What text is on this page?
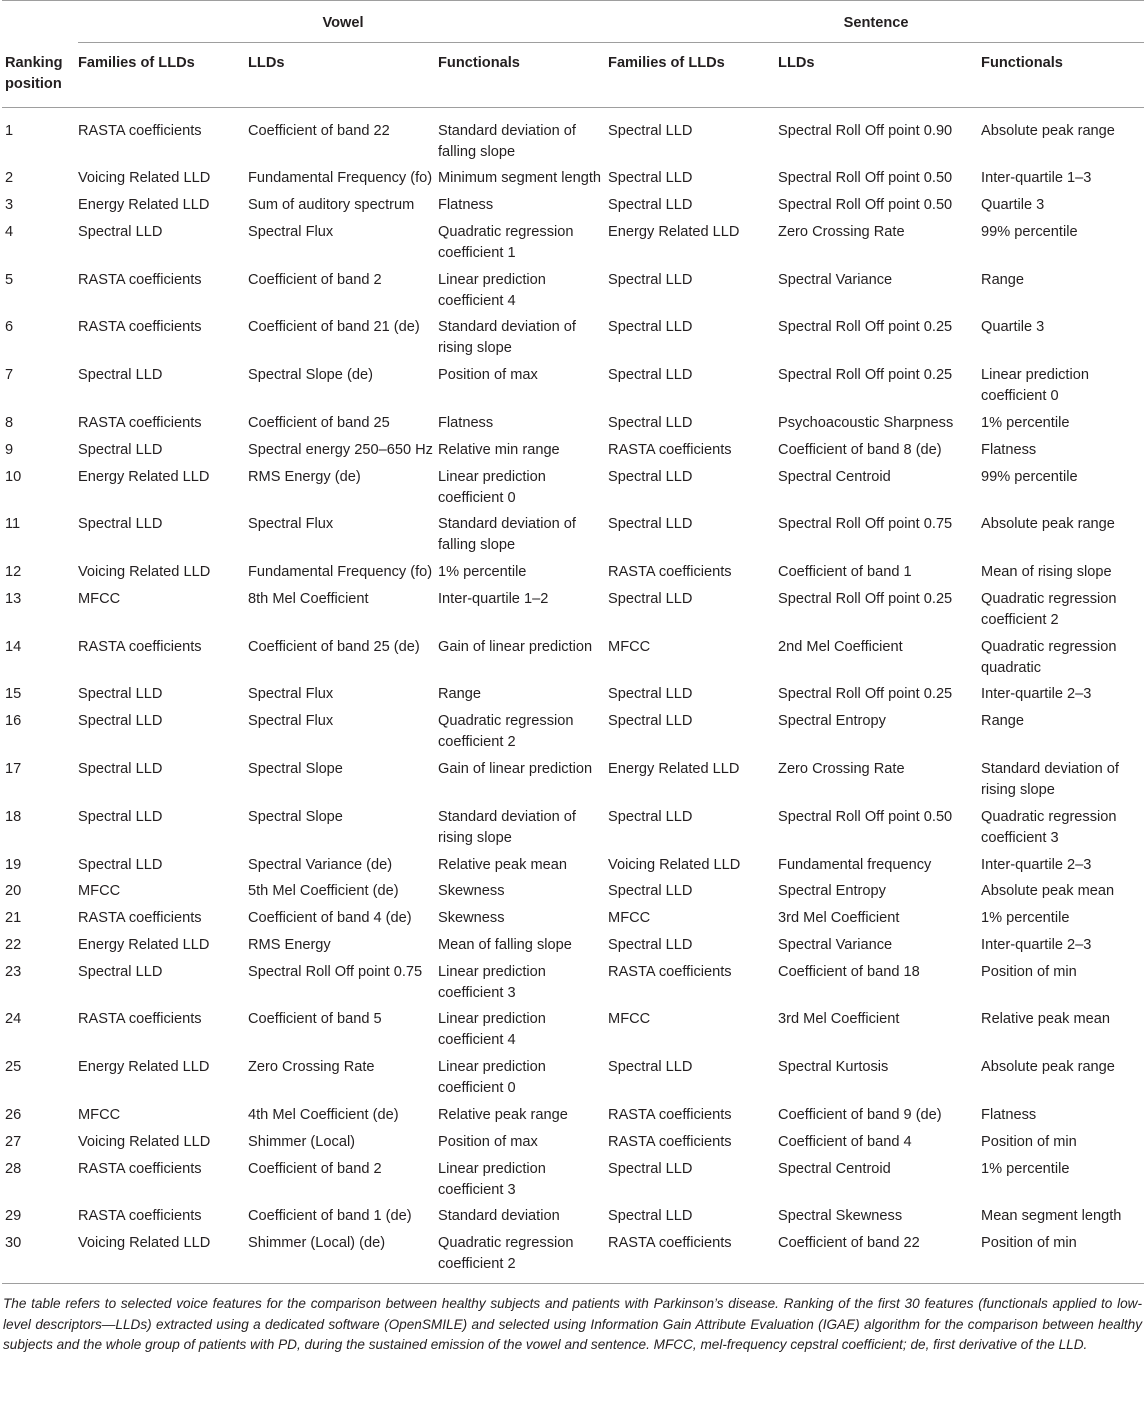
	Vowel			Sentence		
Ranking position	Families of LLDs	LLDs	Functionals	Families of LLDs	LLDs	Functionals
1	RASTA coefficients	Coefficient of band 22	Standard deviation of falling slope	Spectral LLD	Spectral Roll Off point 0.90	Absolute peak range
2	Voicing Related LLD	Fundamental Frequency (fo)	Minimum segment length	Spectral LLD	Spectral Roll Off point 0.50	Inter-quartile 1–3
3	Energy Related LLD	Sum of auditory spectrum	Flatness	Spectral LLD	Spectral Roll Off point 0.50	Quartile 3
4	Spectral LLD	Spectral Flux	Quadratic regression coefficient 1	Energy Related LLD	Zero Crossing Rate	99% percentile
5	RASTA coefficients	Coefficient of band 2	Linear prediction coefficient 4	Spectral LLD	Spectral Variance	Range
6	RASTA coefficients	Coefficient of band 21 (de)	Standard deviation of rising slope	Spectral LLD	Spectral Roll Off point 0.25	Quartile 3
7	Spectral LLD	Spectral Slope (de)	Position of max	Spectral LLD	Spectral Roll Off point 0.25	Linear prediction coefficient 0
8	RASTA coefficients	Coefficient of band 25	Flatness	Spectral LLD	Psychoacoustic Sharpness	1% percentile
9	Spectral LLD	Spectral energy 250–650 Hz	Relative min range	RASTA coefficients	Coefficient of band 8 (de)	Flatness
10	Energy Related LLD	RMS Energy (de)	Linear prediction coefficient 0	Spectral LLD	Spectral Centroid	99% percentile
11	Spectral LLD	Spectral Flux	Standard deviation of falling slope	Spectral LLD	Spectral Roll Off point 0.75	Absolute peak range
12	Voicing Related LLD	Fundamental Frequency (fo)	1% percentile	RASTA coefficients	Coefficient of band 1	Mean of rising slope
13	MFCC	8th Mel Coefficient	Inter-quartile 1–2	Spectral LLD	Spectral Roll Off point 0.25	Quadratic regression coefficient 2
14	RASTA coefficients	Coefficient of band 25 (de)	Gain of linear prediction	MFCC	2nd Mel Coefficient	Quadratic regression quadratic
15	Spectral LLD	Spectral Flux	Range	Spectral LLD	Spectral Roll Off point 0.25	Inter-quartile 2–3
16	Spectral LLD	Spectral Flux	Quadratic regression coefficient 2	Spectral LLD	Spectral Entropy	Range
17	Spectral LLD	Spectral Slope	Gain of linear prediction	Energy Related LLD	Zero Crossing Rate	Standard deviation of rising slope
18	Spectral LLD	Spectral Slope	Standard deviation of rising slope	Spectral LLD	Spectral Roll Off point 0.50	Quadratic regression coefficient 3
19	Spectral LLD	Spectral Variance (de)	Relative peak mean	Voicing Related LLD	Fundamental frequency	Inter-quartile 2–3
20	MFCC	5th Mel Coefficient (de)	Skewness	Spectral LLD	Spectral Entropy	Absolute peak mean
21	RASTA coefficients	Coefficient of band 4 (de)	Skewness	MFCC	3rd Mel Coefficient	1% percentile
22	Energy Related LLD	RMS Energy	Mean of falling slope	Spectral LLD	Spectral Variance	Inter-quartile 2–3
23	Spectral LLD	Spectral Roll Off point 0.75	Linear prediction coefficient 3	RASTA coefficients	Coefficient of band 18	Position of min
24	RASTA coefficients	Coefficient of band 5	Linear prediction coefficient 4	MFCC	3rd Mel Coefficient	Relative peak mean
25	Energy Related LLD	Zero Crossing Rate	Linear prediction coefficient 0	Spectral LLD	Spectral Kurtosis	Absolute peak range
26	MFCC	4th Mel Coefficient (de)	Relative peak range	RASTA coefficients	Coefficient of band 9 (de)	Flatness
27	Voicing Related LLD	Shimmer (Local)	Position of max	RASTA coefficients	Coefficient of band 4	Position of min
28	RASTA coefficients	Coefficient of band 2	Linear prediction coefficient 3	Spectral LLD	Spectral Centroid	1% percentile
29	RASTA coefficients	Coefficient of band 1 (de)	Standard deviation	Spectral LLD	Spectral Skewness	Mean segment length
30	Voicing Related LLD	Shimmer (Local) (de)	Quadratic regression coefficient 2	RASTA coefficients	Coefficient of band 22	Position of min

The table refers to selected voice features for the comparison between healthy subjects and patients with Parkinson’s disease. Ranking of the first 30 features (functionals applied to low-level descriptors—LLDs) extracted using a dedicated software (OpenSMILE) and selected using Information Gain Attribute Evaluation (IGAE) algorithm for the comparison between healthy subjects and the whole group of patients with PD, during the sustained emission of the vowel and sentence. MFCC, mel-frequency cepstral coefficient; de, first derivative of the LLD.
